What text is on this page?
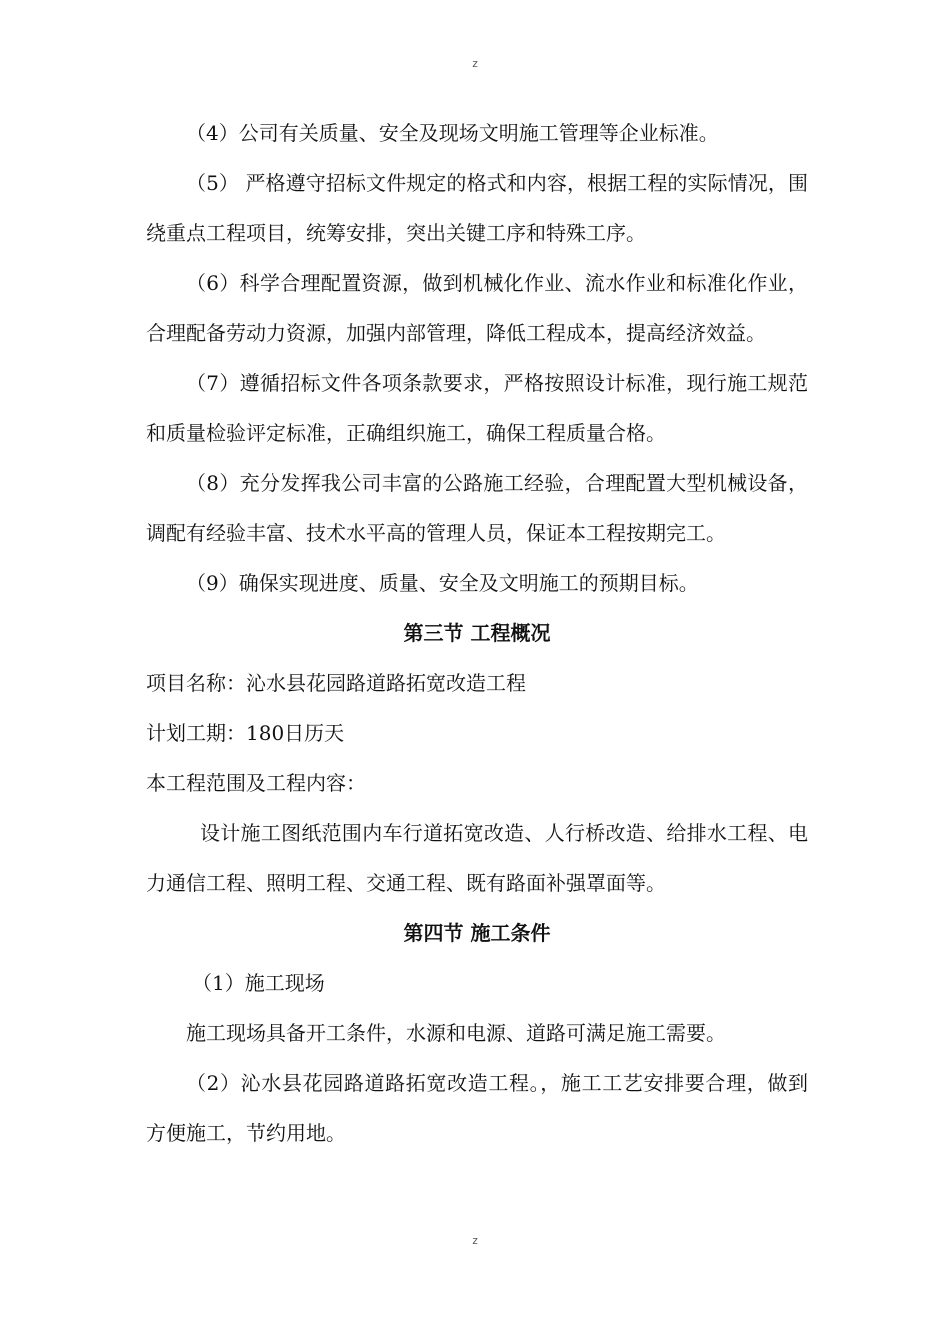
z

（4）公司有关质量、安全及现场文明施工管理等企业标准。

（5） 严格遵守招标文件规定的格式和内容，根据工程的实际情况，围绕重点工程项目，统筹安排，突出关键工序和特殊工序。

（6）科学合理配置资源，做到机械化作业、流水作业和标准化作业，合理配备劳动力资源，加强内部管理，降低工程成本，提高经济效益。

（7）遵循招标文件各项条款要求，严格按照设计标准，现行施工规范和质量检验评定标准，正确组织施工，确保工程质量合格。

（8）充分发挥我公司丰富的公路施工经验，合理配置大型机械设备，调配有经验丰富、技术水平高的管理人员，保证本工程按期完工。

（9）确保实现进度、质量、安全及文明施工的预期目标。

第三节 工程概况

项目名称：沁水县花园路道路拓宽改造工程

计划工期：180日历天

本工程范围及工程内容：

设计施工图纸范围内车行道拓宽改造、人行桥改造、给排水工程、电力通信工程、照明工程、交通工程、既有路面补强罩面等。

第四节 施工条件

（1）施工现场

施工现场具备开工条件，水源和电源、道路可满足施工需要。

（2）沁水县花园路道路拓宽改造工程。，施工工艺安排要合理，做到方便施工，节约用地。

z
